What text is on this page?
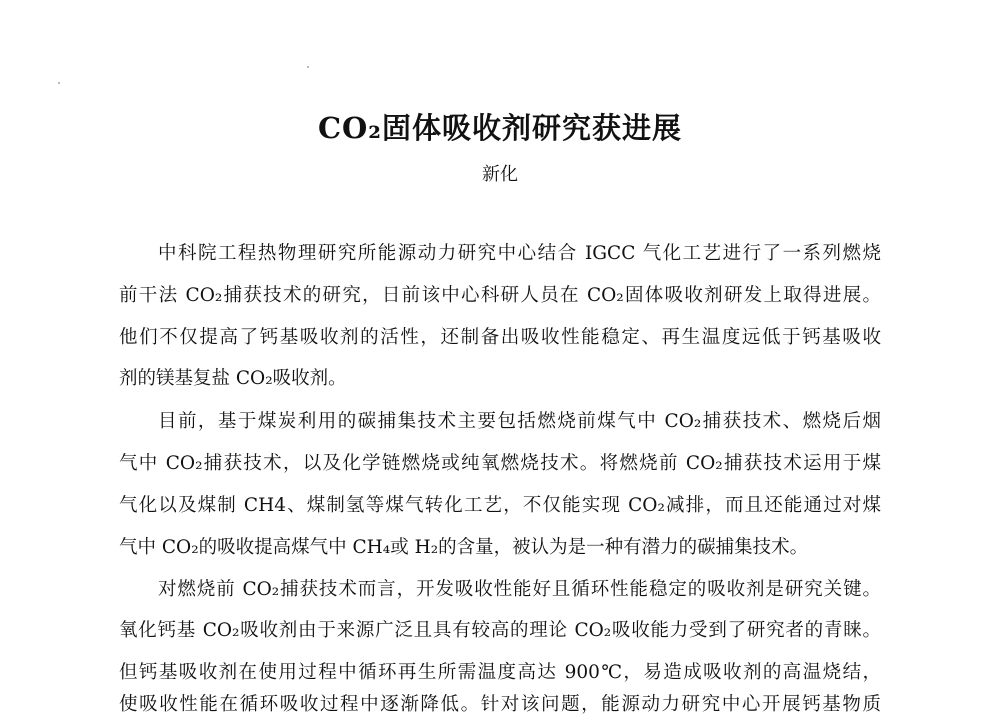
CO₂固体吸收剂研究获进展
新化
中科院工程热物理研究所能源动力研究中心结合 IGCC 气化工艺进行了一系列燃烧
前干法 CO₂捕获技术的研究，日前该中心科研人员在 CO₂固体吸收剂研发上取得进展。
他们不仅提高了钙基吸收剂的活性，还制备出吸收性能稳定、再生温度远低于钙基吸收
剂的镁基复盐 CO₂吸收剂。
目前，基于煤炭利用的碳捕集技术主要包括燃烧前煤气中 CO₂捕获技术、燃烧后烟
气中 CO₂捕获技术，以及化学链燃烧或纯氧燃烧技术。将燃烧前 CO₂捕获技术运用于煤
气化以及煤制 CH4、煤制氢等煤气转化工艺，不仅能实现 CO₂减排，而且还能通过对煤
气中 CO₂的吸收提高煤气中 CH₄或 H₂的含量，被认为是一种有潜力的碳捕集技术。
对燃烧前 CO₂捕获技术而言，开发吸收性能好且循环性能稳定的吸收剂是研究关键。
氧化钙基 CO₂吸收剂由于来源广泛且具有较高的理论 CO₂吸收能力受到了研究者的青睐。
但钙基吸收剂在使用过程中循环再生所需温度高达 900℃，易造成吸收剂的高温烧结，
使吸收性能在循环吸收过程中逐渐降低。针对该问题，能源动力研究中心开展钙基物质
